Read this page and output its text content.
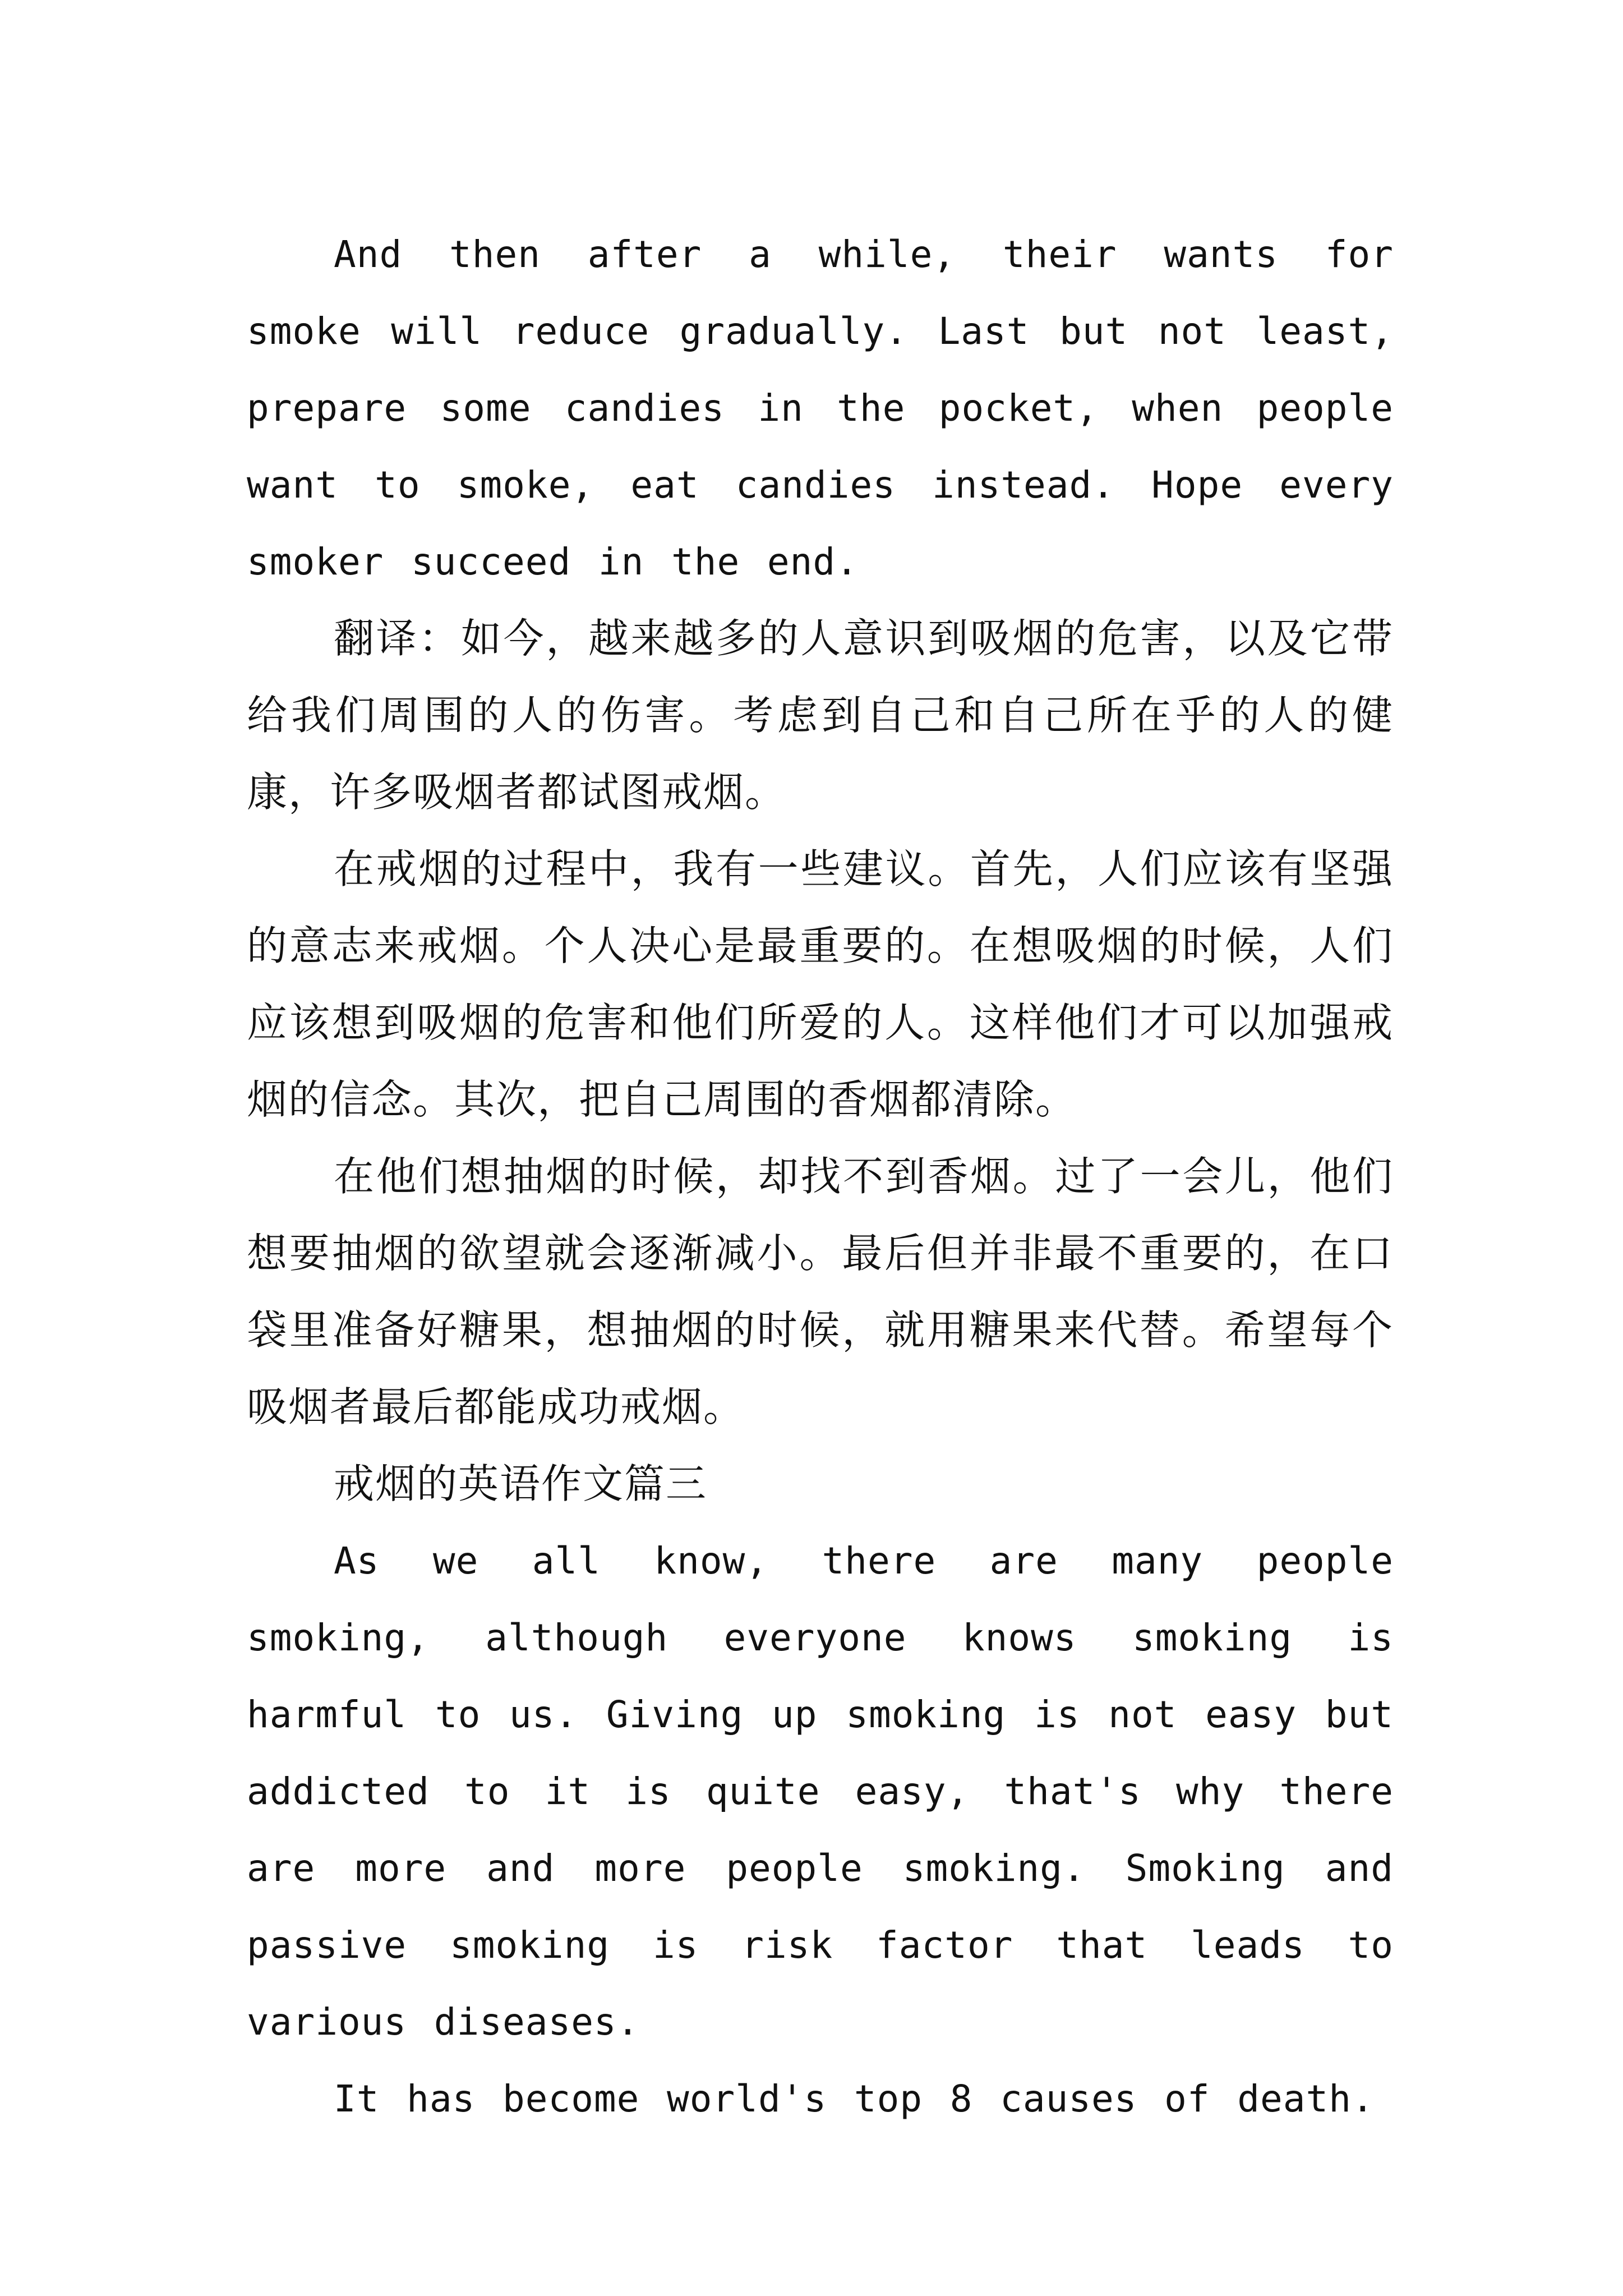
And then after a while, their wants for smoke will reduce gradually. Last but not least, prepare some candies in the pocket, when people want to smoke, eat candies instead. Hope every smoker succeed in the end.

翻译：如今，越来越多的人意识到吸烟的危害，以及它带给我们周围的人的伤害。考虑到自己和自己所在乎的人的健康，许多吸烟者都试图戒烟。

在戒烟的过程中，我有一些建议。首先，人们应该有坚强的意志来戒烟。个人决心是最重要的。在想吸烟的时候，人们应该想到吸烟的危害和他们所爱的人。这样他们才可以加强戒烟的信念。其次，把自己周围的香烟都清除。

在他们想抽烟的时候，却找不到香烟。过了一会儿，他们想要抽烟的欲望就会逐渐减小。最后但并非最不重要的，在口袋里准备好糖果，想抽烟的时候，就用糖果来代替。希望每个吸烟者最后都能成功戒烟。

戒烟的英语作文篇三

As we all know, there are many people smoking, although everyone knows smoking is harmful to us. Giving up smoking is not easy but addicted to it is quite easy, that's why there are more and more people smoking. Smoking and passive smoking is risk factor that leads to various diseases.

It has become world's top 8 causes of death.
